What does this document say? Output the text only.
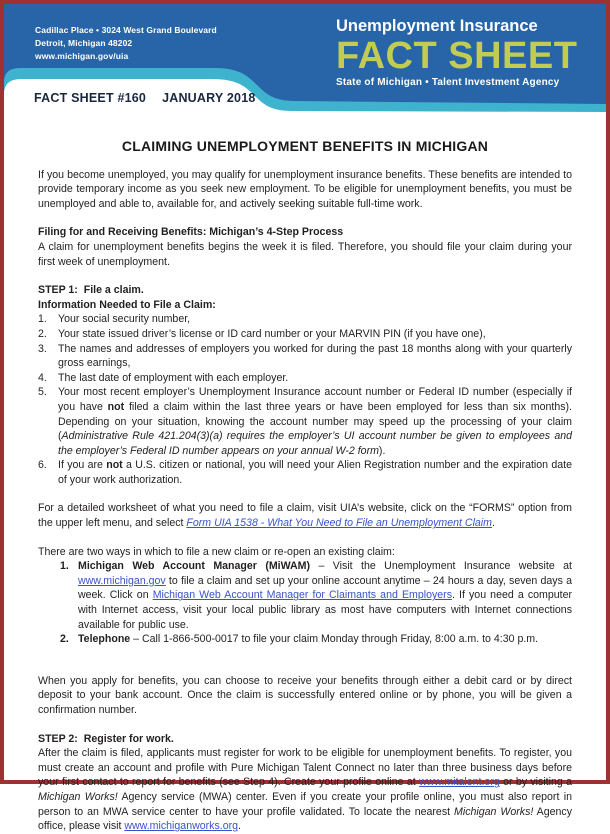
Cadillac Place • 3024 West Grand Boulevard
Detroit, Michigan 48202
www.michigan.gov/uia
Unemployment Insurance
FACT SHEET
State of Michigan • Talent Investment Agency
FACT SHEET #160 JANUARY 2018
CLAIMING UNEMPLOYMENT BENEFITS IN MICHIGAN

If you become unemployed, you may qualify for unemployment insurance benefits. These benefits are intended to provide temporary income as you seek new employment. To be eligible for unemployment benefits, you must be unemployed and able to, available for, and actively seeking suitable full-time work.

Filing for and Receiving Benefits: Michigan’s 4-Step Process

A claim for unemployment benefits begins the week it is filed. Therefore, you should file your claim during your first week of unemployment.

STEP 1:  File a claim.

Information Needed to File a Claim:

Your social security number,
Your state issued driver’s license or ID card number or your MARVIN PIN (if you have one),
The names and addresses of employers you worked for during the past 18 months along with your quarterly gross earnings,
The last date of employment with each employer.
Your most recent employer’s Unemployment Insurance account number or Federal ID number (especially if you have not filed a claim within the last three years or have been employed for less than six months). Depending on your situation, knowing the account number may speed up the processing of your claim (Administrative Rule 421.204(3)(a) requires the employer’s UI account number be given to employees and the employer’s Federal ID number appears on your annual W-2 form).
If you are not a U.S. citizen or national, you will need your Alien Registration number and the expiration date of your work authorization.

For a detailed worksheet of what you need to file a claim, visit UIA’s website, click on the “FORMS” option from the upper left menu, and select Form UIA 1538 - What You Need to File an Unemployment Claim.

There are two ways in which to file a new claim or re-open an existing claim:

Michigan Web Account Manager (MiWAM) – Visit the Unemployment Insurance website at www.michigan.gov to file a claim and set up your online account anytime – 24 hours a day, seven days a week. Click on Michigan Web Account Manager for Claimants and Employers. If you need a computer with Internet access, visit your local public library as most have computers with Internet connections available for public use.
Telephone – Call 1-866-500-0017 to file your claim Monday through Friday, 8:00 a.m. to 4:30 p.m.

When you apply for benefits, you can choose to receive your benefits through either a debit card or by direct deposit to your bank account. Once the claim is successfully entered online or by phone, you will be given a confirmation number.

STEP 2:  Register for work.

After the claim is filed, applicants must register for work to be eligible for unemployment benefits. To register, you must create an account and profile with Pure Michigan Talent Connect no later than three business days before your first contact to report for benefits (see Step 4). Create your profile online at www.mitalent.org or by visiting a Michigan Works! Agency service (MWA) center. Even if you create your profile online, you must also report in person to an MWA service center to have your profile validated. To locate the nearest Michigan Works! Agency office, please visit www.michiganworks.org.
